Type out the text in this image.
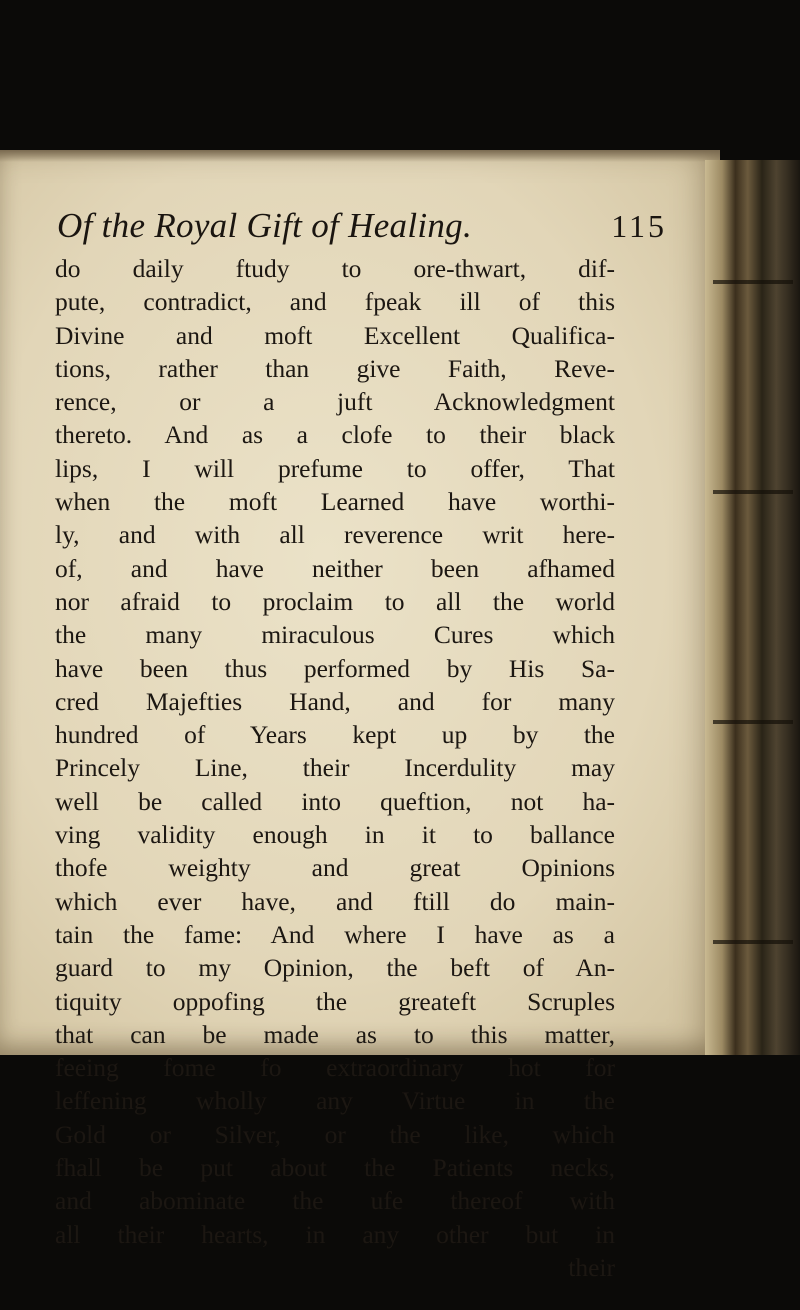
Of the Royal Gift of Healing.	115
do daily ftudy to ore-thwart, dif-
pute, contradict, and fpeak ill of this
Divine and moft Excellent Qualifica-
tions, rather than give Faith, Reve-
rence, or a juft Acknowledgment
thereto. And as a clofe to their black
lips, I will prefume to offer, That
when the moft Learned have worthi-
ly, and with all reverence writ here-
of, and have neither been afhamed
nor afraid to proclaim to all the world
the many miraculous Cures which
have been thus performed by His Sa-
cred Majefties Hand, and for many
hundred of Years kept up by the
Princely Line, their Incerdulity may
well be called into queftion, not ha-
ving validity enough in it to ballance
thofe weighty and great Opinions
which ever have, and ftill do main-
tain the fame: And where I have as a
guard to my Opinion, the beft of An-
tiquity oppofing the greateft Scruples
that can be made as to this matter,
feeing fome fo extraordinary hot for
leffening wholly any Virtue in the
Gold or Silver, or the like, which
fhall be put about the Patients necks,
and abominate the ufe thereof with
all their hearts, in any other but in
their
